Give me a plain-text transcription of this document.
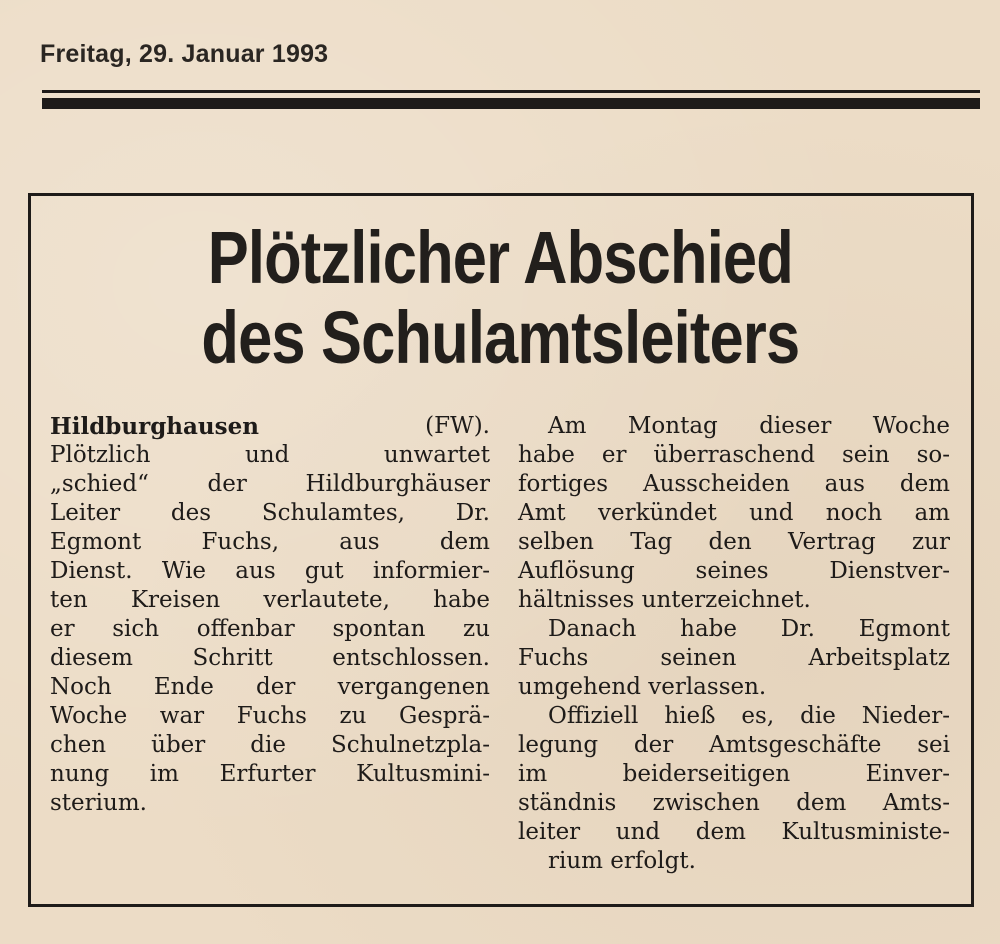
Freitag, 29. Januar 1993
Plötzlicher Abschied
des Schulamtsleiters
Hildburghausen	(FW).
Plötzlich	und	unwartet
„schied“ der Hildburghäuser
Leiter des Schulamtes, Dr.
Egmont	Fuchs,	aus	dem
Dienst. Wie aus gut informier-
ten Kreisen verlautete, habe
er sich offenbar spontan zu
diesem Schritt entschlossen.
Noch Ende der vergangenen
Woche war Fuchs zu Gesprä-
chen über die Schulnetzpla-
nung im Erfurter Kultusmini-
sterium.
Am Montag dieser Woche
habe er überraschend sein so-
fortiges Ausscheiden aus dem
Amt verkündet und noch am
selben Tag den Vertrag zur
Auflösung seines Dienstver-
hältnisses unterzeichnet.
Danach habe Dr. Egmont
Fuchs	seinen	Arbeitsplatz
umgehend verlassen.
Offiziell hieß es, die Nieder-
legung der Amtsgeschäfte sei
im	beiderseitigen	Einver-
ständnis zwischen dem Amts-
leiter und dem Kultusministe-
rium erfolgt.
